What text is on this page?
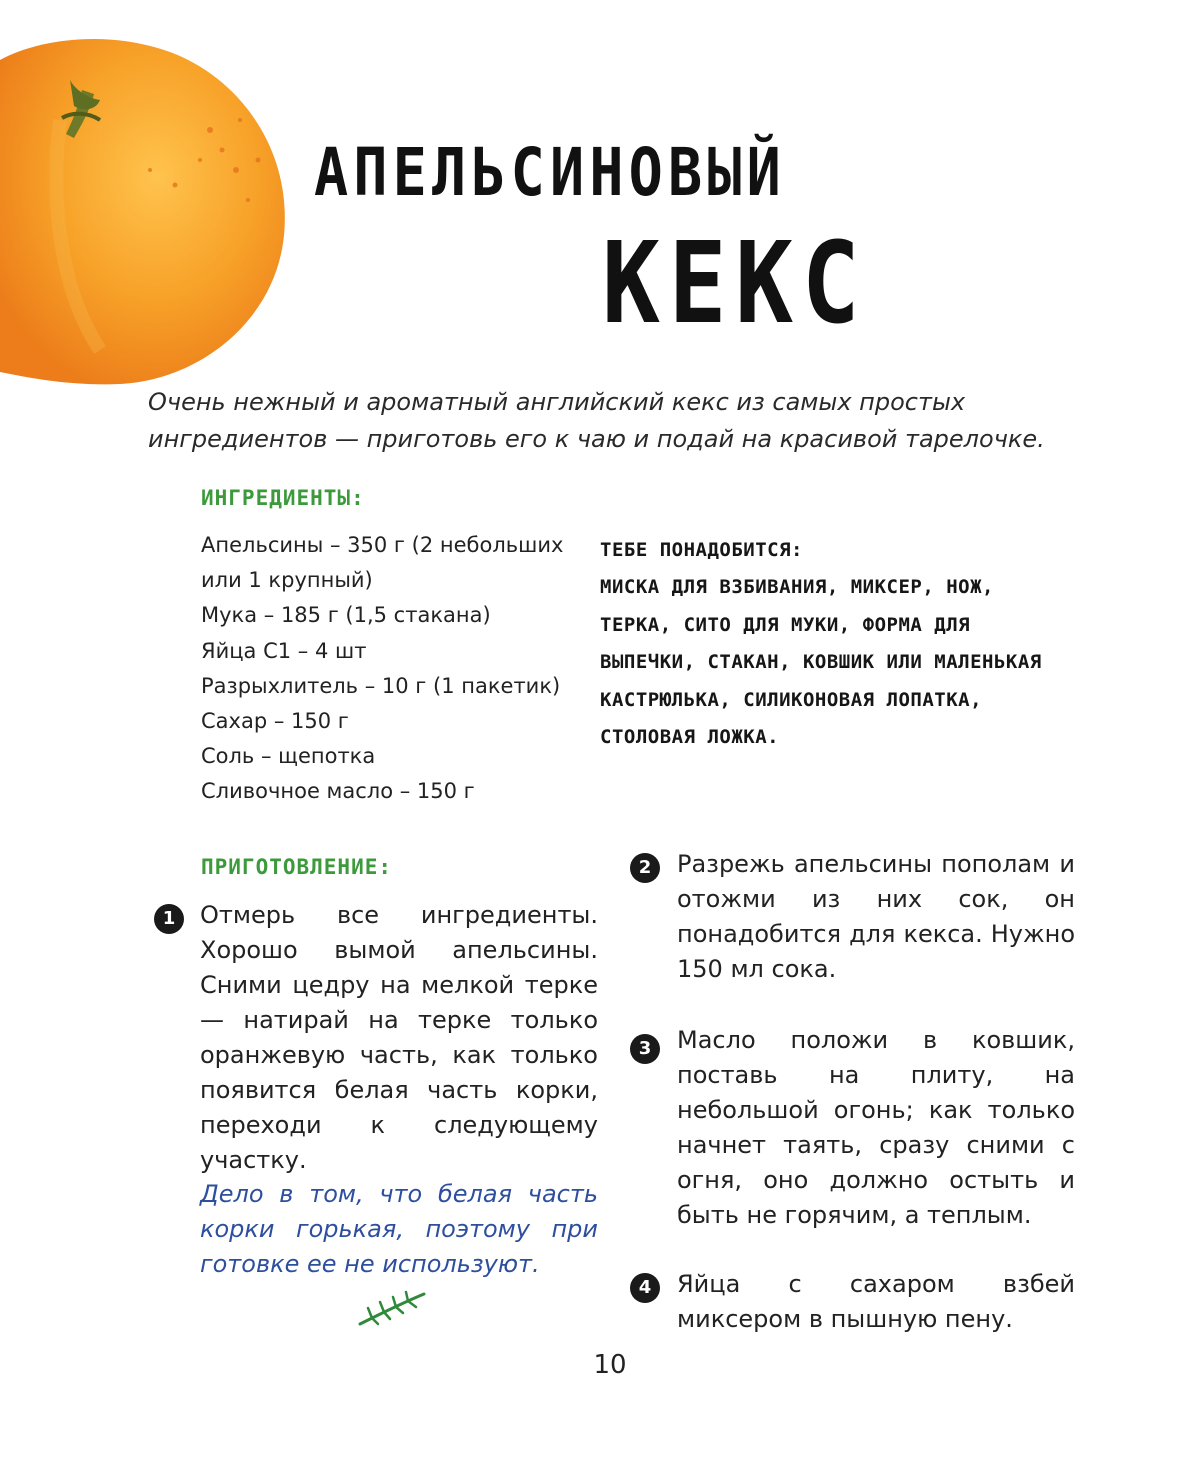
АПЕЛЬСИНОВЫЙ
КЕКС

Очень нежный и ароматный английский кекс из самых простых ингредиентов — приготовь его к чаю и подай на красивой тарелочке.

ИНГРЕДИЕНТЫ:
Апельсины – 350 г (2 небольших или 1 крупный)
Мука – 185 г (1,5 стакана)
Яйца С1 – 4 шт
Разрыхлитель – 10 г (1 пакетик)
Сахар – 150 г
Соль – щепотка
Сливочное масло – 150 г
ТЕБЕ ПОНАДОБИТСЯ:

МИСКА ДЛЯ ВЗБИВАНИЯ, МИКСЕР, НОЖ, ТЕРКА, СИТО ДЛЯ МУКИ, ФОРМА ДЛЯ ВЫПЕЧКИ, СТАКАН, КОВШИК ИЛИ МАЛЕНЬКАЯ КАСТРЮЛЬКА, СИЛИКОНОВАЯ ЛОПАТКА, СТОЛОВАЯ ЛОЖКА.

ПРИГОТОВЛЕНИЕ:
1	Отмерь все ингредиенты. Хорошо вымой апельсины. Сними цедру на мелкой терке — натирай на терке только оранжевую часть, как только появится белая часть корки, переходи к следующему участку.

Дело в том, что белая часть корки горькая, поэтому при готовке ее не используют.

2	Разрежь апельсины пополам и отожми из них сок, он понадобится для кекса. Нужно 150 мл сока.

3	Масло положи в ковшик, поставь на плиту, на небольшой огонь; как только начнет таять, сразу сними с огня, оно должно остыть и быть не горячим, а теплым.

4	Яйца с сахаром взбей миксером в пышную пену.

10
